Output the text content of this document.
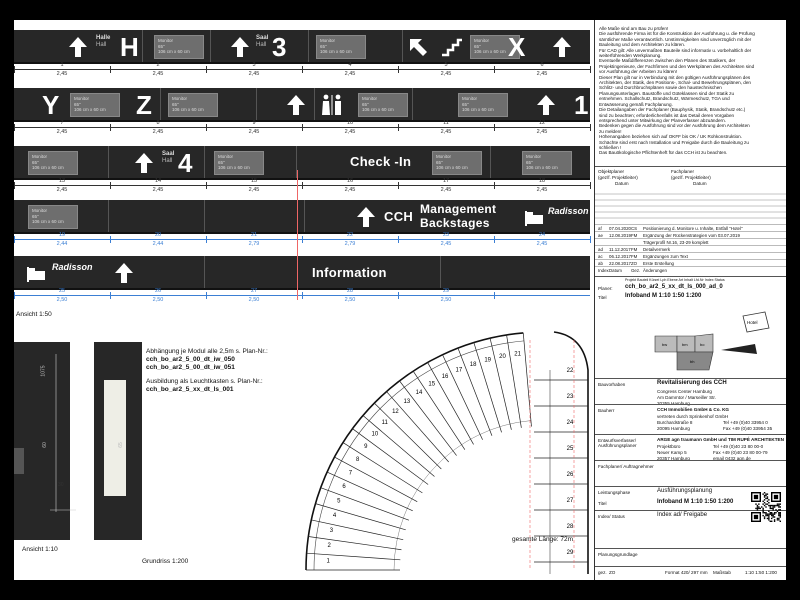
Halle
Hall H	Monitor
65"
106 cm x 60 cm
Saal
Hall 3	Monitor
65"
106 cm x 60 cm
Monitor
65"
106 cm x 60 cm X
1
2,45
2
2,45
3
2,45
4
2,45
5
2,45
6
2,45
Y	Monitor
65"
106 cm x 60 cm	Z	Monitor
65"
106 cm x 60 cm
Monitor
65"
106 cm x 60 cm
Monitor
65"
106 cm x 60 cm	1
7
2,45
8
2,45
9
2,45
10
2,45
11
2,45
12
2,45
Monitor
65"
106 cm x 60 cm
Saal
Hall 4	Monitor
65"
106 cm x 60 cm	Check -In	Monitor
65"
106 cm x 60 cm
Monitor
65"
106 cm x 60 cm
13
2,45
14
2,45
15
2,45
16
2,45
17
2,45
18
2,45
Monitor
65"
106 cm x 60 cm	CCH Management
Backstages
Radisson
19
2,44
20
2,44
21
2,79
22
2,79
23
2,45
24
2,45
Radisson	Information
25
2,50
26
2,50
27
2,50
28
2,50
29
2,50
Ansicht 1:50
1075
60
30
65
Ansicht 1:10
Abhängung je Modul alle 2,5m s. Plan-Nr.:
cch_bo_ar2_5_00_dt_iw_050
cch_bo_ar2_5_00_dt_iw_051
Ausbildung als Leuchtkasten s. Plan-Nr.:
cch_bo_ar2_5_xx_dt_ls_001
1
2
3
4
5
6
7
8
9
10
11
12
13
14
15
16
17
18
19
20 21
22
23
24
25
26
27
28
29
Grundriss 1:200
gesamte Länge: 72m
Alle Maße sind am Bau zu prüfen!
Die ausführende Firma ist für die Konstruktion der Ausführung u. die Prüfung
sämtlicher Maße verantwortlich. Unstimmigkeiten sind unverzüglich mit der
Bauleitung und dem Architekten zu klären.
Für CAD gilt: Alle unvermaßten Bauteile sind informativ u. vorbehaltlich der
weiterführenden Werkplanung.
Eventuelle Maßdifferenzen zwischen den Plänen des Statikers, der
Projektingenieure, der Fachfirmen und den Werkplänen des Architekten sind
vor Ausführung der Arbeiten zu klären!
Dieser Plan gilt nur in Verbindung mit den gültigen Ausführungsplänen des
Architekten, der Statik, den Positions-, Schal- und Bewehrungsplänen, den
Schlitz- und Durchbruchsplänen sowie den haustechnischen
Planungsunterlagen. Baustoffe und Güteklassen sind der Statik zu
entnehmen. Schallschutz, Brandschutz, Wärmeschutz, TGA und
Entwässerung gemäß Fachplanung.
Die Detailangaben der Fachplaner (Bauphysik, Statik, Brandschutz etc.)
sind zu beachten; erforderlichenfalls ist das Detail deren Vorgaben
entsprechend unter Mitwirkung der Planverfasser abzuändern.
Bedenken gegen die Ausführung sind vor der Ausführung dem Architekten
zu melden!
Höhenangaben beziehen sich auf OKFF bis OK / UK Rohkonstruktion.
Schächte sind erst nach Installation und Freigabe durch die Bauleitung zu
schließen !
Das Bauökologische Pflichtenheft für das CCH ist zu beachten.
Objektplaner
(gez/f. Projektleiter)
Fachplaner
(gez/f. Projektleiter)
Datum	Datum
af 07.04.2020 CS Positionierung d. Monitore u. Inhalte, Entfall "Hotel"
ae 12.08.2019 FM Ergänzung der Rückenstrategien vom 03.07.2019
Trägerprofil Nr.16, 23-29 komplett
ad 11.12.2017 FM Detailvermerk
ac 06.12.2017 FM Ergänzungen zum Text
ab 22.08.2017 ZO Erste Erstellung
Index Datum Gez. Änderungen
Projekt Bauteil Kürzel Lph Ebene Art Inhalt Lfd.Nr Index Status
Planer: cch_bo_ar2_5_xx_dt_ls_000_ad_0
Titel	Infoband M 1:10 1:50 1:200
Hotel
bw	bm	bo
bh
Bauvorhaben	Revitalisierung des CCH
Congress Center Hamburg
Am Dammtor / Marseiller Str.
20355 Hamburg
Bauherr	CCH Immobilien GmbH & Co. KG
vertreten durch Sprinkenhof GmbH
Burchardstraße 8
20095 Hamburg
Tel +49 (0)40 33954 0
Fax +49 (0)40 33954 35
Entwurfsverfasser/ Ausführungsplaner
ARGE agn traumann GmbH und TIM RUPÉ ARCHITEKTEN
Projektbüro
Neuer Kamp 5
20357 Hamburg
Tel +49 (0)40 23 80 00-0
Fax +49 (0)40 23 80 00-79
email 0432 agn.de
Fachplaner/ Auftragnehmer
Leistungsphase	Ausführungsplanung
Titel	Infoband M 1:10 1:50 1:200
Index/ Status	Index ad/ Freigabe
Planungsgrundlage
gez. ZO	Format 420/ 297 mm Maßstab	1:10 1:50 1:200
